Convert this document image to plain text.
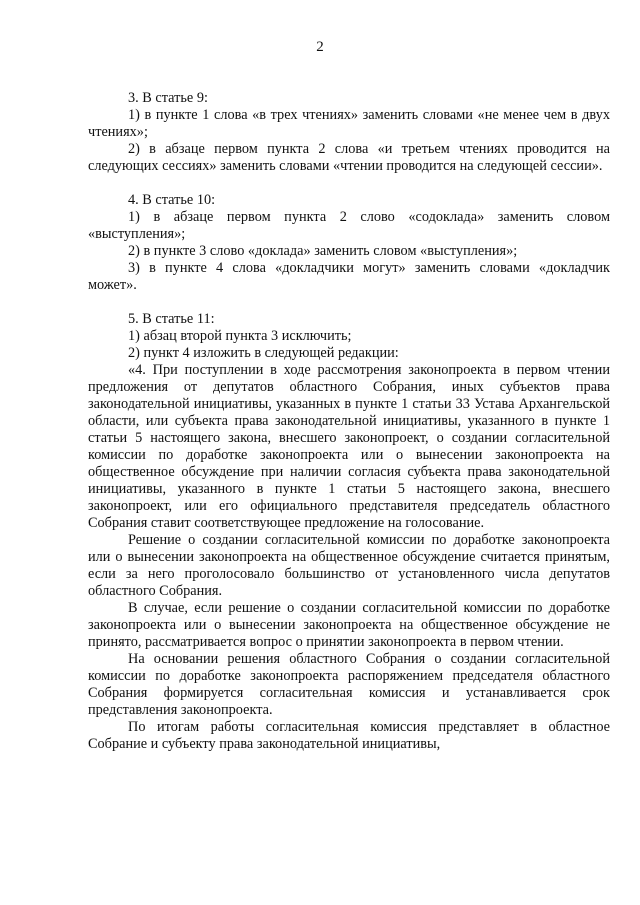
2

3. В статье 9:

1) в пункте 1 слова «в трех чтениях» заменить словами «не менее чем в двух чтениях»;

2) в абзаце первом пункта 2 слова «и третьем чтениях проводится на следующих сессиях» заменить словами «чтении проводится на следующей сессии».

4. В статье 10:

1) в абзаце первом пункта 2 слово «содоклада» заменить словом «выступления»;

2) в пункте 3 слово «доклада» заменить словом «выступления»;

3) в пункте 4 слова «докладчики могут» заменить словами «докладчик может».

5. В статье 11:

1) абзац второй пункта 3 исключить;

2) пункт 4 изложить в следующей редакции:

«4. При поступлении в ходе рассмотрения законопроекта в первом чтении предложения от депутатов областного Собрания, иных субъектов права законодательной инициативы, указанных в пункте 1 статьи 33 Устава Архангельской области, или субъекта права законодательной инициативы, указанного в пункте 1 статьи 5 настоящего закона, внесшего законопроект, о создании согласительной комиссии по доработке законопроекта или о вынесении законопроекта на общественное обсуждение при наличии согласия субъекта права законодательной инициативы, указанного в пункте 1 статьи 5 настоящего закона, внесшего законопроект, или его официального представителя председатель областного Собрания ставит соответствующее предложение на голосование.

Решение о создании согласительной комиссии по доработке законопроекта или о вынесении законопроекта на общественное обсуждение считается принятым, если за него проголосовало большинство от установленного числа депутатов областного Собрания.

В случае, если решение о создании согласительной комиссии по доработке законопроекта или о вынесении законопроекта на общественное обсуждение не принято, рассматривается вопрос о принятии законопроекта в первом чтении.

На основании решения областного Собрания о создании согласительной комиссии по доработке законопроекта распоряжением председателя областного Собрания формируется согласительная комиссия и устанавливается срок представления законопроекта.

По итогам работы согласительная комиссия представляет в областное Собрание и субъекту права законодательной инициативы,
